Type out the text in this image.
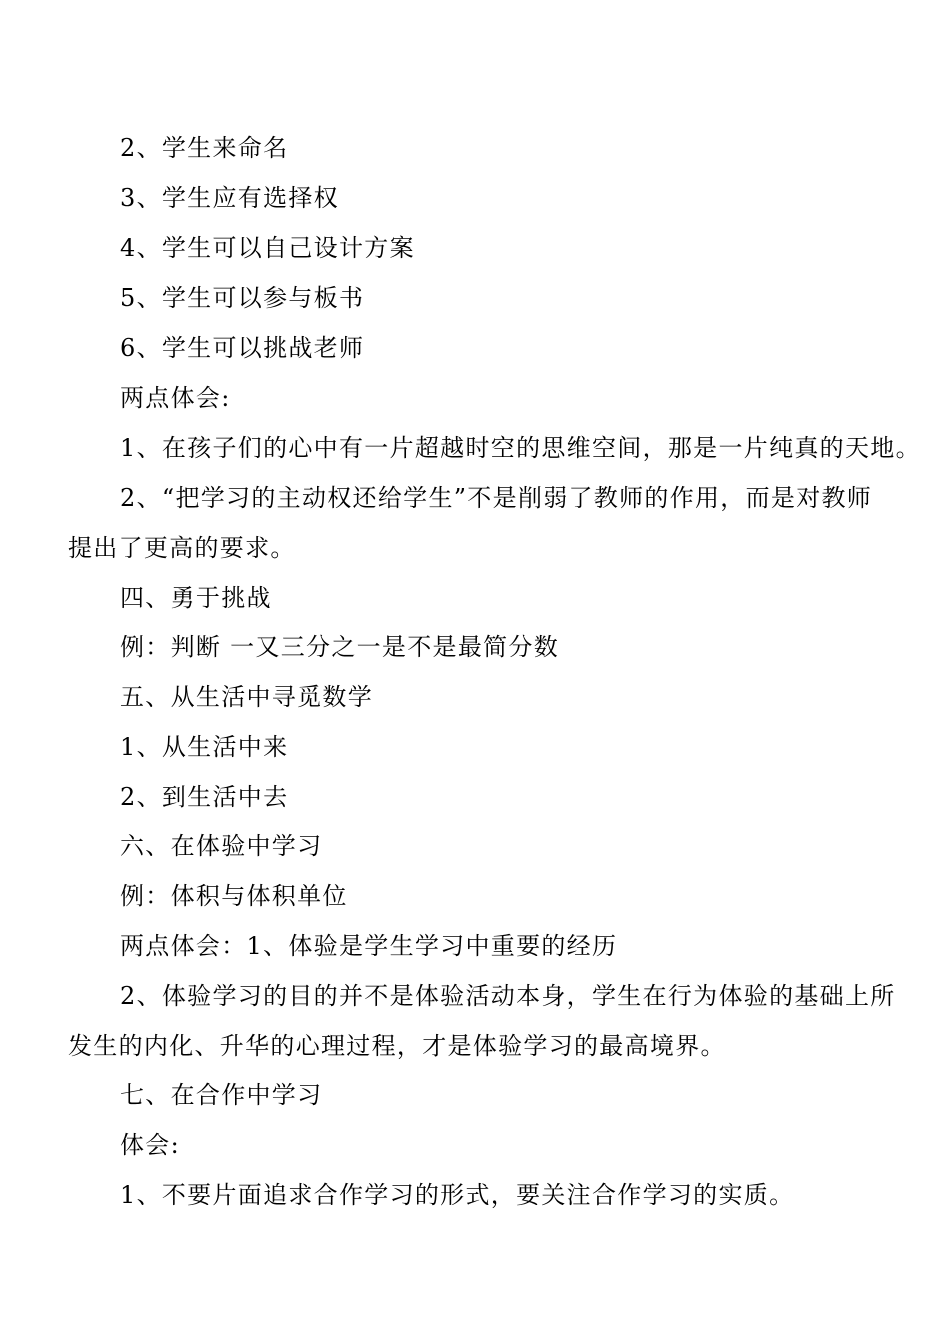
2、学生来命名
3、学生应有选择权
4、学生可以自己设计方案
5、学生可以参与板书
6、学生可以挑战老师
两点体会:
1、在孩子们的心中有一片超越时空的思维空间，那是一片纯真的天地。
2、“把学习的主动权还给学生”不是削弱了教师的作用，而是对教师
提出了更高的要求。
四、勇于挑战
例：判断 一又三分之一是不是最简分数
五、从生活中寻觅数学
1、从生活中来
2、到生活中去
六、在体验中学习
例：体积与体积单位
两点体会：1、体验是学生学习中重要的经历
2、体验学习的目的并不是体验活动本身，学生在行为体验的基础上所
发生的内化、升华的心理过程，才是体验学习的最高境界。
七、在合作中学习
体会:
1、不要片面追求合作学习的形式，要关注合作学习的实质。
